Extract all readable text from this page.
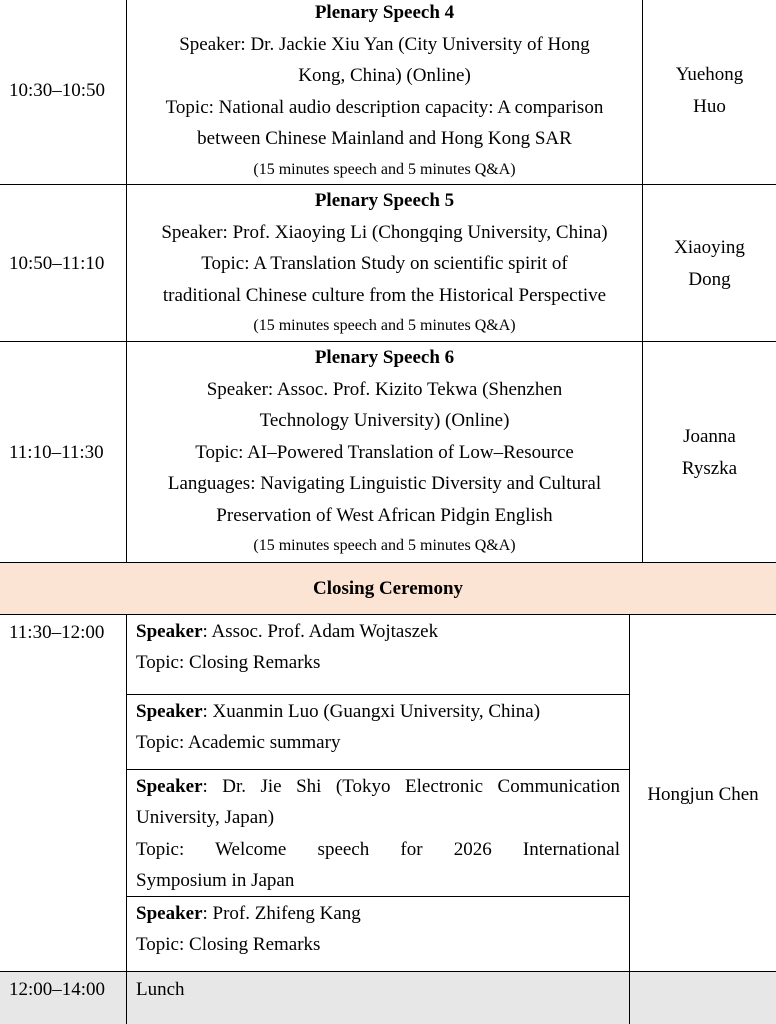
10:30–10:50
Plenary Speech 4
Speaker: Dr. Jackie Xiu Yan (City University of Hong
Kong, China) (Online)
Topic: National audio description capacity: A comparison
between Chinese Mainland and Hong Kong SAR
(15 minutes speech and 5 minutes Q&A)
Yuehong
Huo
10:50–11:10
Plenary Speech 5
Speaker: Prof. Xiaoying Li (Chongqing University, China)
Topic: A Translation Study on scientific spirit of
traditional Chinese culture from the Historical Perspective
(15 minutes speech and 5 minutes Q&A)
Xiaoying
Dong
11:10–11:30
Plenary Speech 6
Speaker: Assoc. Prof. Kizito Tekwa (Shenzhen
Technology University) (Online)
Topic: AI–Powered Translation of Low–Resource
Languages: Navigating Linguistic Diversity and Cultural
Preservation of West African Pidgin English
(15 minutes speech and 5 minutes Q&A)
Joanna
Ryszka
Closing Ceremony
11:30–12:00 Speaker: Assoc. Prof. Adam Wojtaszek
Topic: Closing Remarks
Speaker: Xuanmin Luo (Guangxi University, China)
Topic: Academic summary
Speaker: Dr. Jie Shi (Tokyo Electronic Communication
University, Japan)
Topic: Welcome speech for 2026 International
Symposium in Japan
Speaker: Prof. Zhifeng Kang
Topic: Closing Remarks
Hongjun Chen
12:00–14:00 Lunch
